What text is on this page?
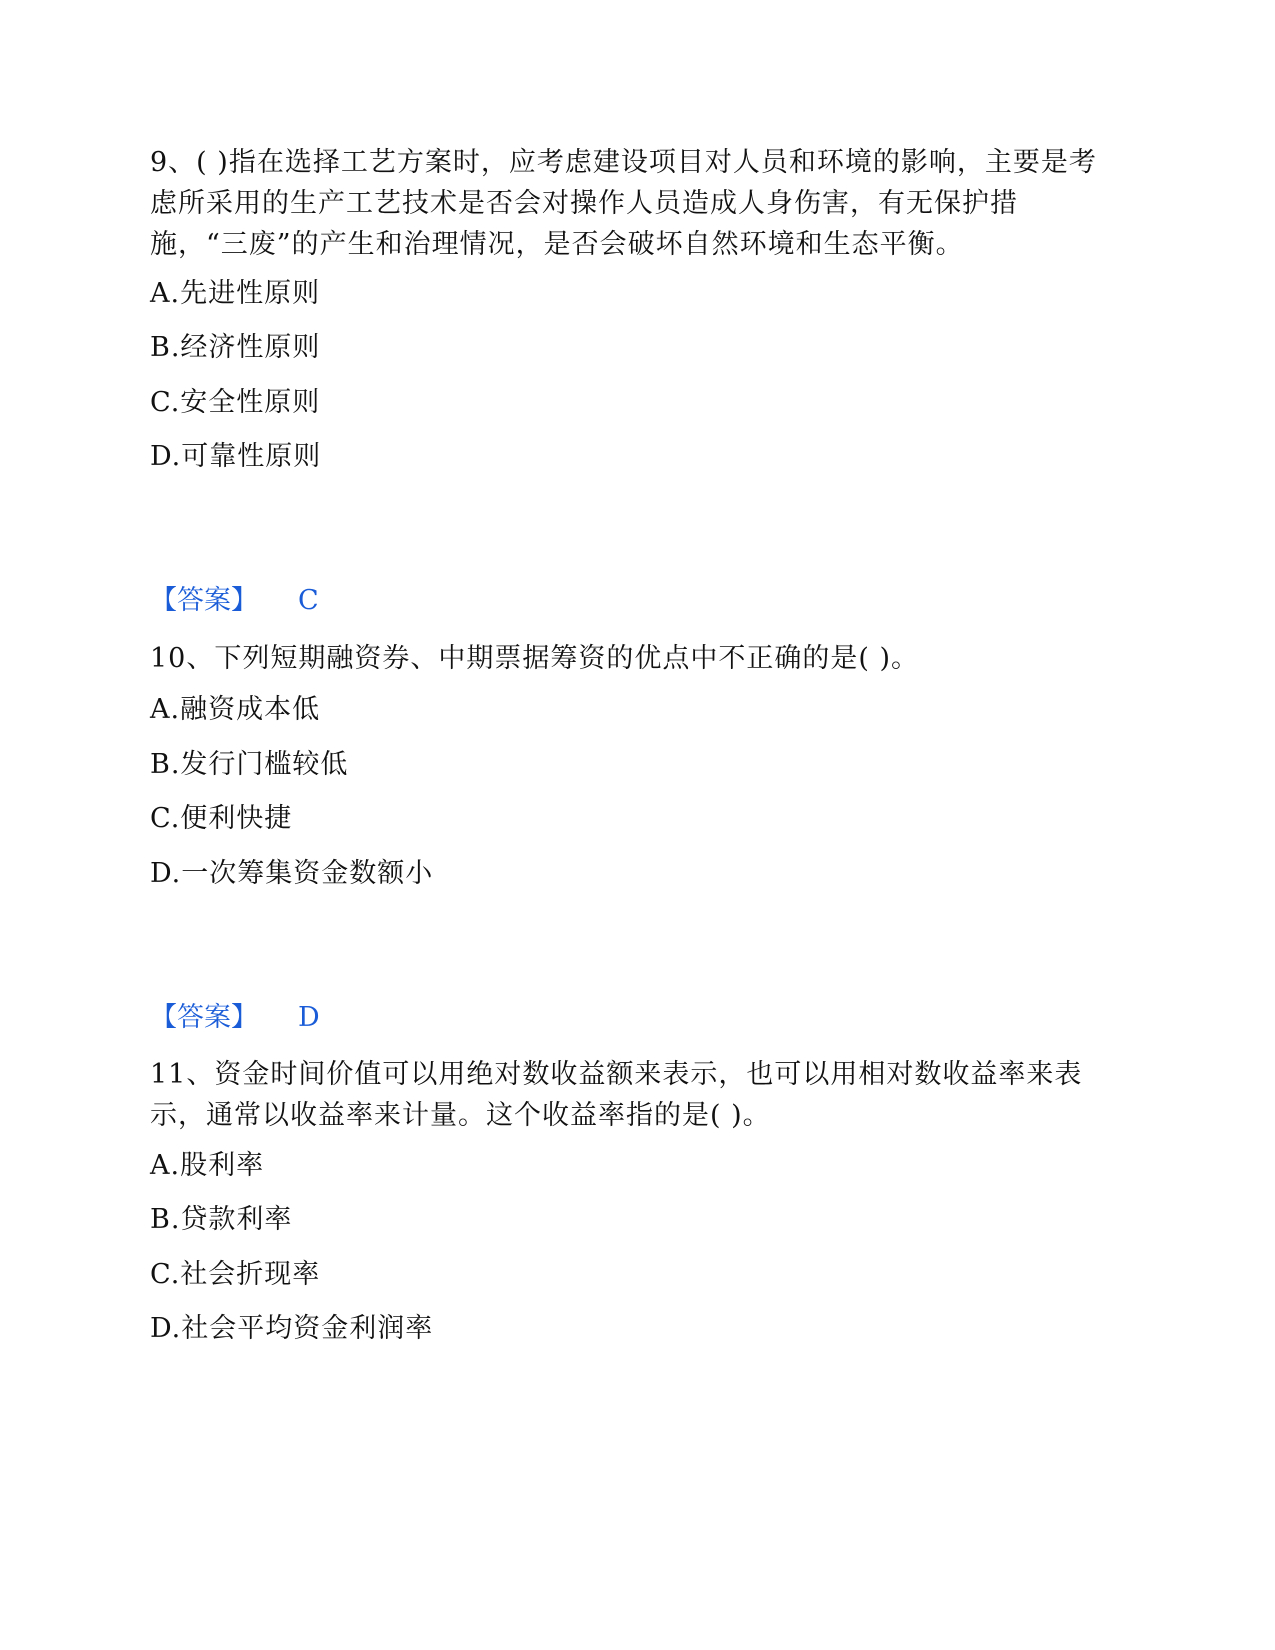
9、( )指在选择工艺方案时，应考虑建设项目对人员和环境的影响，主要是考虑所采用的生产工艺技术是否会对操作人员造成人身伤害，有无保护措施，“三废”的产生和治理情况，是否会破坏自然环境和生态平衡。

A.先进性原则

B.经济性原则

C.安全性原则

D.可靠性原则

【答案】 C

10、下列短期融资券、中期票据筹资的优点中不正确的是( )。

A.融资成本低

B.发行门槛较低

C.便利快捷

D.一次筹集资金数额小

【答案】 D

11、资金时间价值可以用绝对数收益额来表示，也可以用相对数收益率来表示，通常以收益率来计量。这个收益率指的是( )。

A.股利率

B.贷款利率

C.社会折现率

D.社会平均资金利润率
